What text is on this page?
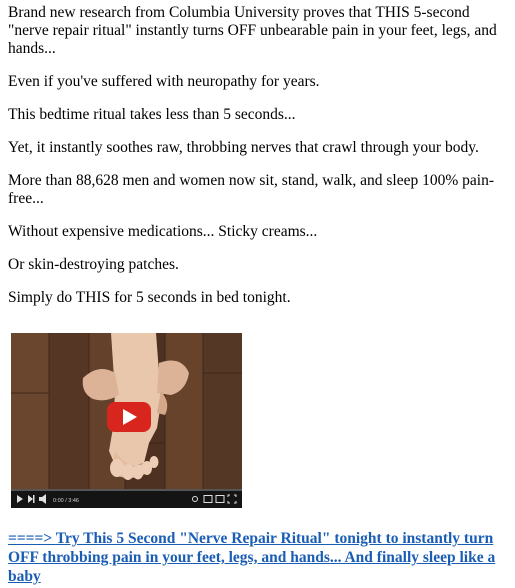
Brand new research from Columbia University proves that THIS 5-second "nerve repair ritual" instantly turns OFF unbearable pain in your feet, legs, and hands...

Even if you've suffered with neuropathy for years.

This bedtime ritual takes less than 5 seconds...

Yet, it instantly soothes raw, throbbing nerves that crawl through your body.

More than 88,628 men and women now sit, stand, walk, and sleep 100% pain-free...

Without expensive medications... Sticky creams...

Or skin-destroying patches.

Simply do THIS for 5 seconds in bed tonight.

0:00 / 3:46
====> Try This 5 Second "Nerve Repair Ritual" tonight to instantly turn OFF throbbing pain in your feet, legs, and hands... And finally sleep like a baby
